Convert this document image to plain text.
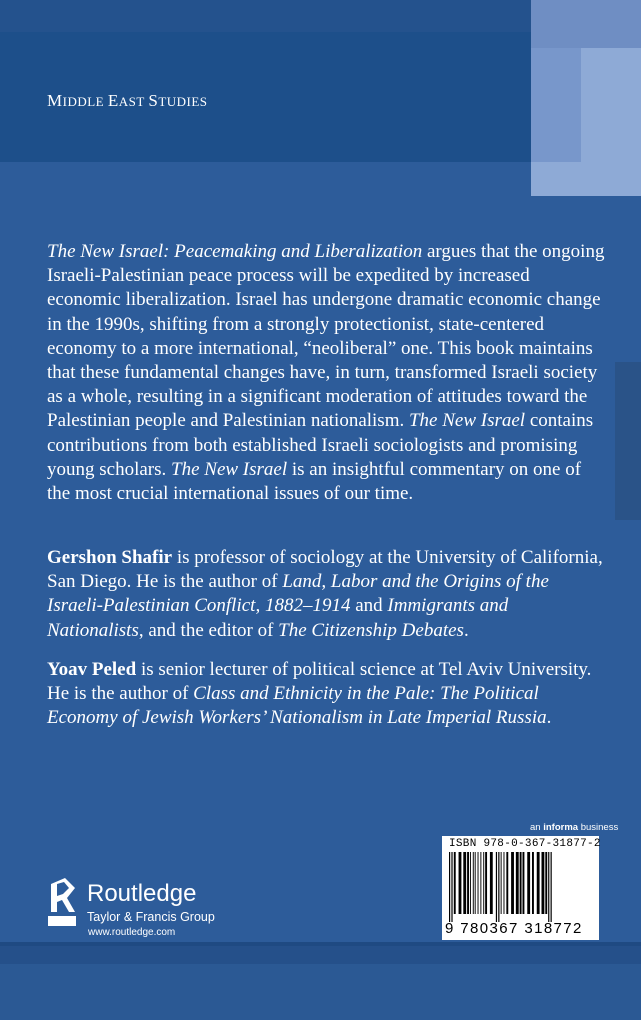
MIDDLE EAST STUDIES

The New Israel: Peacemaking and Liberalization argues that the ongoing Israeli-Palestinian peace process will be expedited by increased economic liberalization. Israel has undergone dramatic economic change in the 1990s, shifting from a strongly protectionist, state-centered economy to a more international, “neoliberal” one. This book maintains that these fundamental changes have, in turn, transformed Israeli society as a whole, resulting in a significant moderation of attitudes toward the Palestinian people and Palestinian nationalism. The New Israel contains contributions from both established Israeli sociologists and promising young scholars. The New Israel is an insightful commentary on one of the most crucial international issues of our time.

Gershon Shafir is professor of sociology at the University of California, San Diego. He is the author of Land, Labor and the Origins of the Israeli-Palestinian Conflict, 1882–1914 and Immigrants and Nationalists, and the editor of The Citizenship Debates.

Yoav Peled is senior lecturer of political science at Tel Aviv University. He is the author of Class and Ethnicity in the Pale: The Political Economy of Jewish Workers’ Nationalism in Late Imperial Russia.

an informa business
ISBN 978-0-367-31877-2
9 780367 318772
Routledge
Taylor & Francis Group
www.routledge.com
